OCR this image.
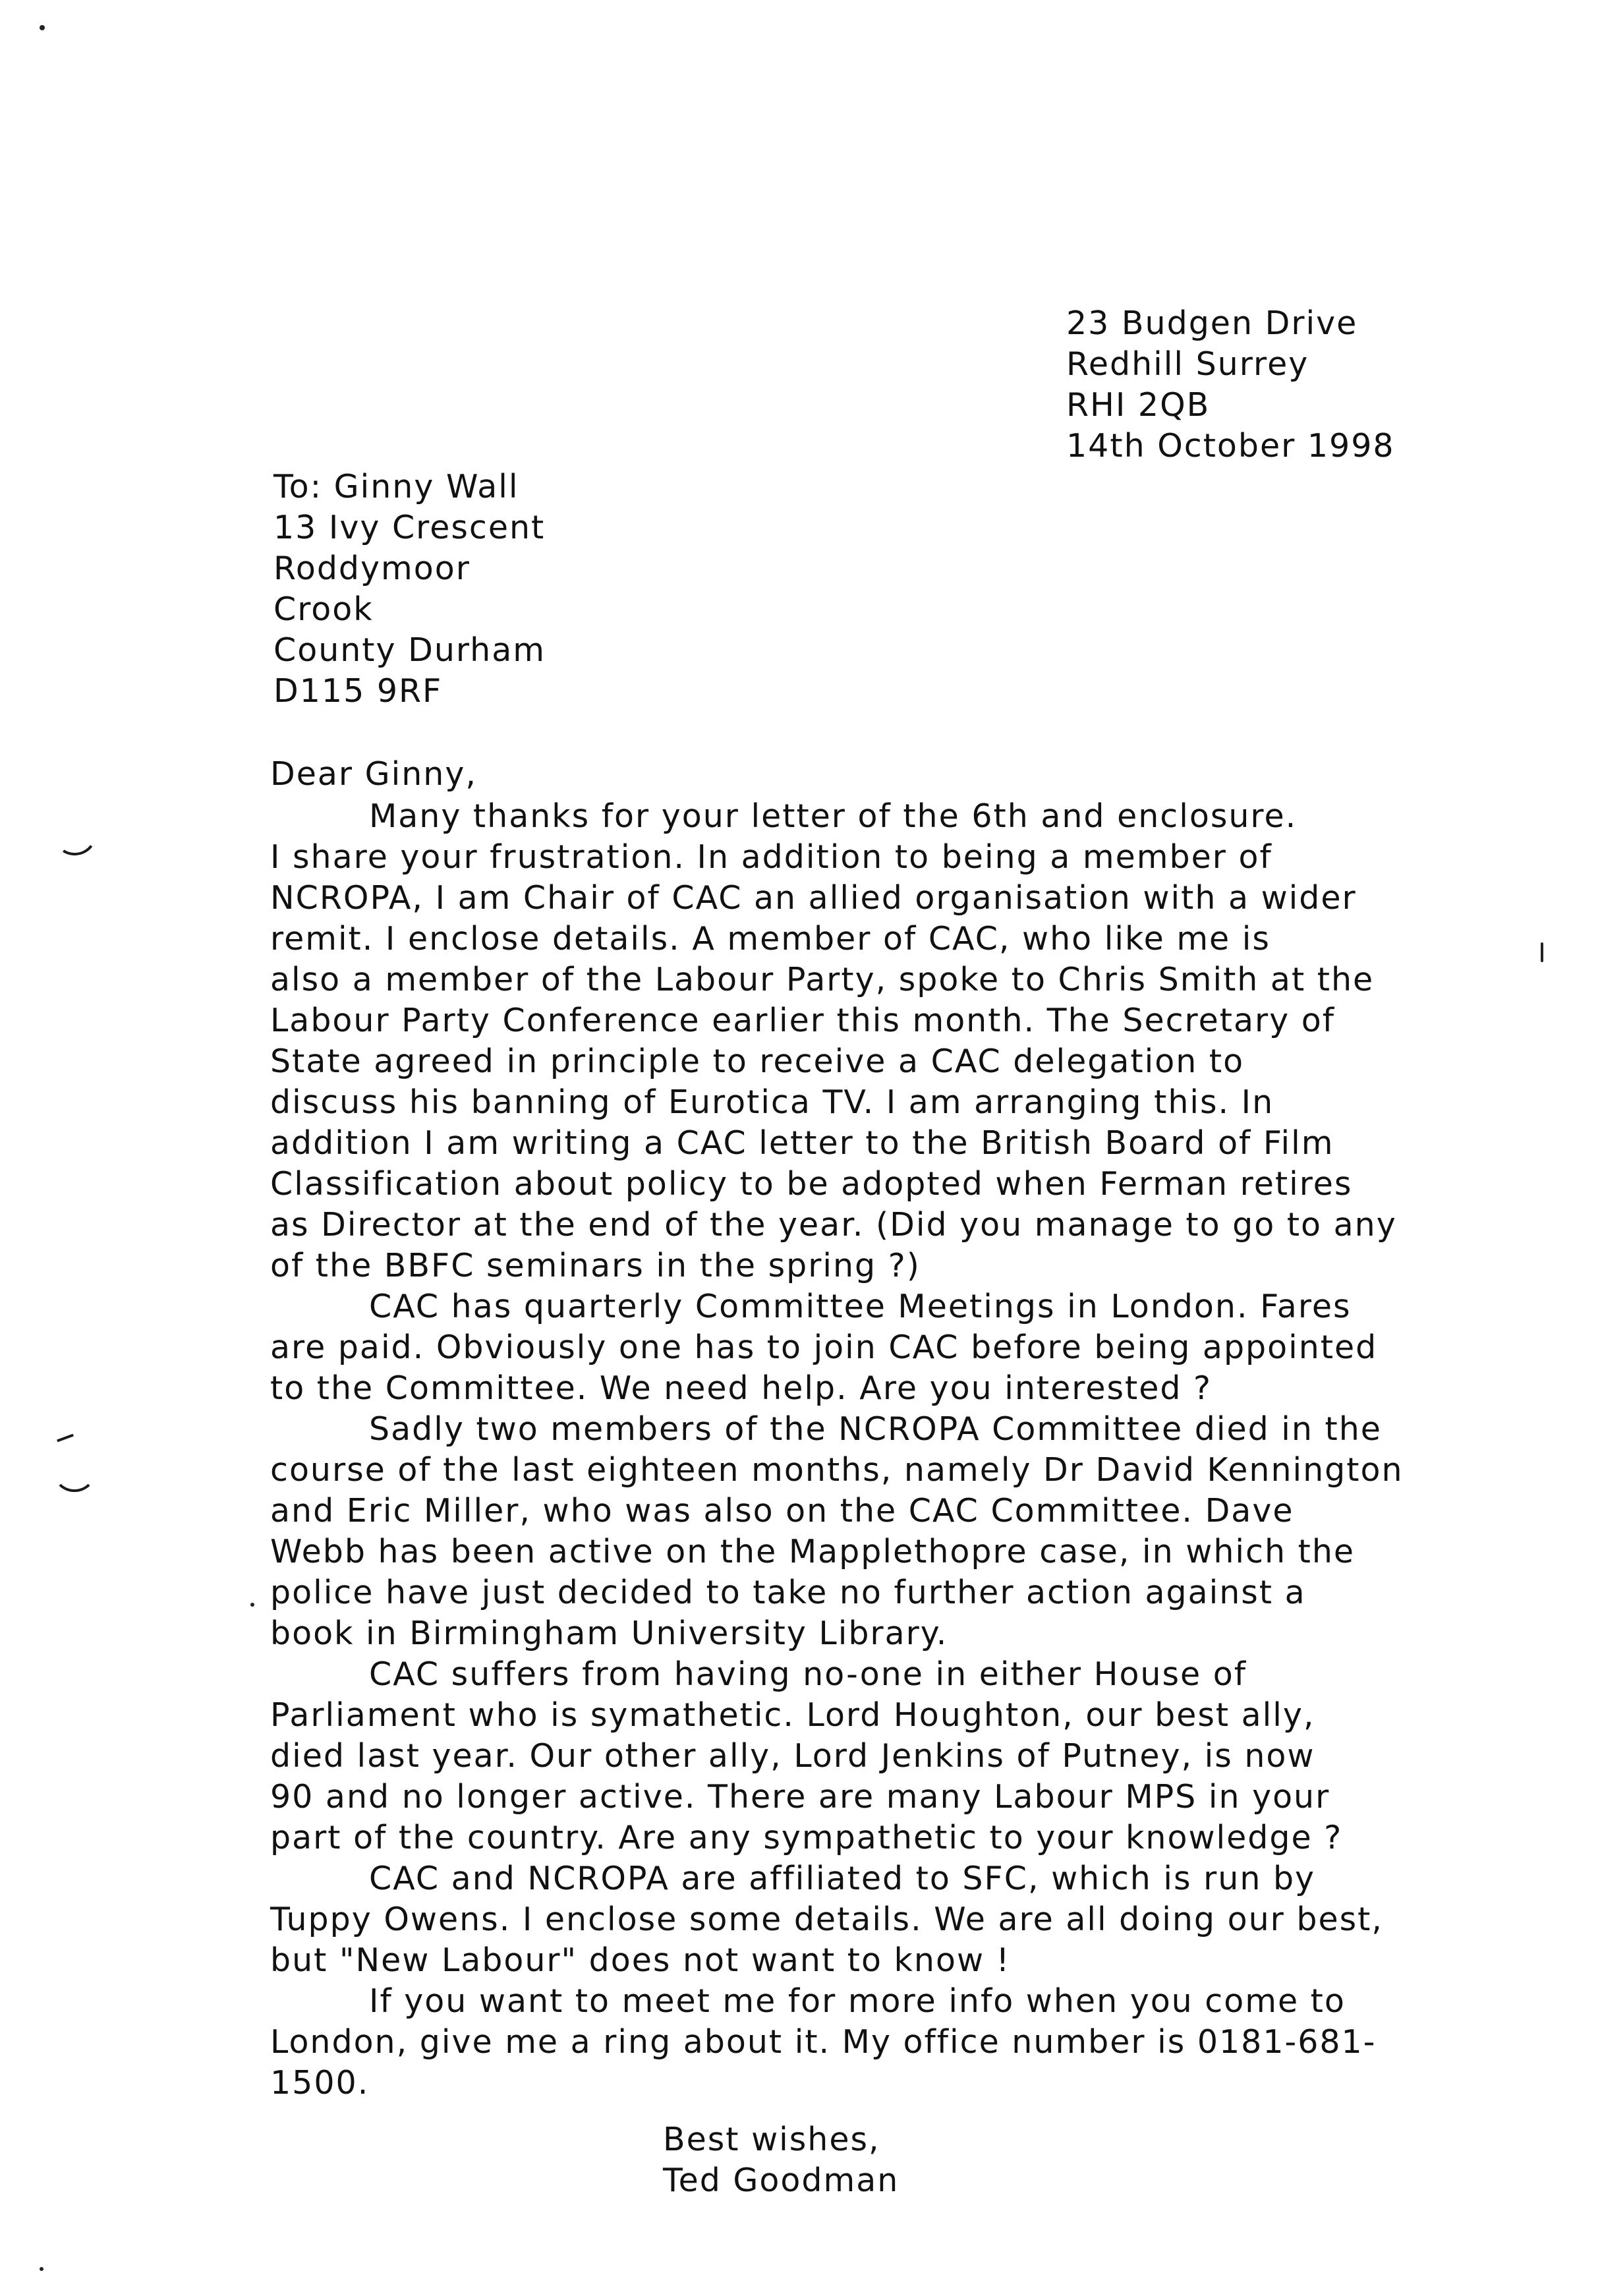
23 Budgen Drive
Redhill Surrey
RHI 2QB
14th October 1998
To: Ginny Wall
13 Ivy Crescent
Roddymoor
Crook
County Durham
D115 9RF
Dear Ginny,
Many thanks for your letter of the 6th and enclosure.
I share your frustration. In addition to being a member of
NCROPA, I am Chair of CAC an allied organisation with a wider
remit. I enclose details. A member of CAC, who like me is
also a member of the Labour Party, spoke to Chris Smith at the
Labour Party Conference earlier this month. The Secretary of
State agreed in principle to receive a CAC delegation to
discuss his banning of Eurotica TV. I am arranging this. In
addition I am writing a CAC letter to the British Board of Film
Classification about policy to be adopted when Ferman retires
as Director at the end of the year. (Did you manage to go to any
of the BBFC seminars in the spring ?)
CAC has quarterly Committee Meetings in London. Fares
are paid. Obviously one has to join CAC before being appointed
to the Committee. We need help. Are you interested ?
Sadly two members of the NCROPA Committee died in the
course of the last eighteen months, namely Dr David Kennington
and Eric Miller, who was also on the CAC Committee. Dave
Webb has been active on the Mapplethopre case, in which the
police have just decided to take no further action against a
book in Birmingham University Library.
CAC suffers from having no-one in either House of
Parliament who is symathetic. Lord Houghton, our best ally,
died last year. Our other ally, Lord Jenkins of Putney, is now
90 and no longer active. There are many Labour MPS in your
part of the country. Are any sympathetic to your knowledge ?
CAC and NCROPA are affiliated to SFC, which is run by
Tuppy Owens. I enclose some details. We are all doing our best,
but "New Labour" does not want to know !
If you want to meet me for more info when you come to
London, give me a ring about it. My office number is 0181-681-
1500.
Best wishes,
Ted Goodman
